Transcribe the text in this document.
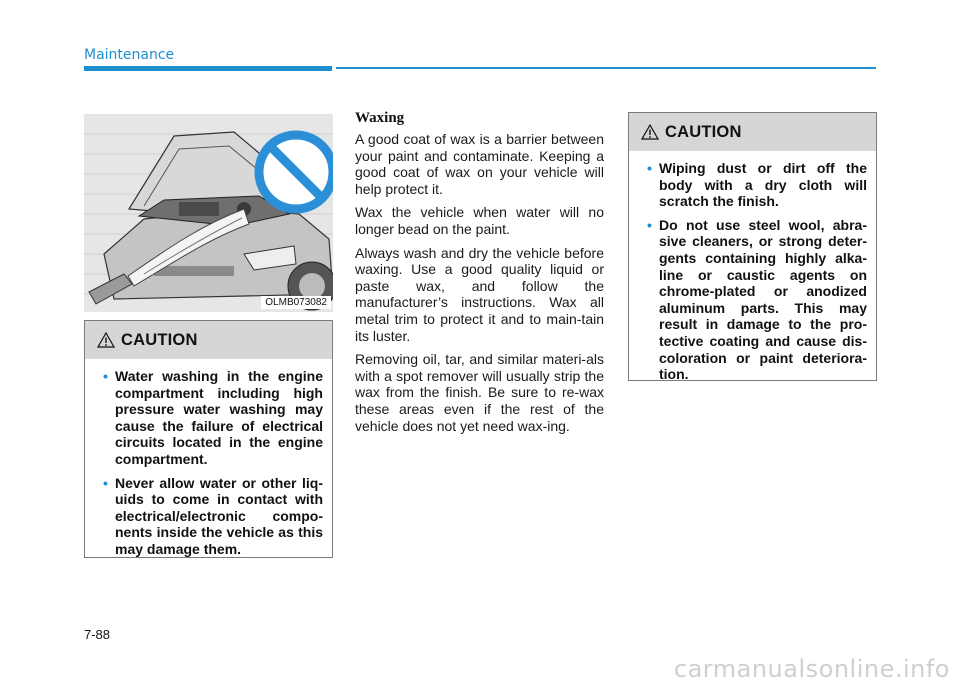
Maintenance
OLMB073082
CAUTION
• Water washing in the engine compartment including high pressure water washing may cause the failure of electrical circuits located in the engine compartment.
• Never allow water or other liq-uids to come in contact with electrical/electronic compo-nents inside the vehicle as this may damage them.
Waxing

A good coat of wax is a barrier between your paint and contaminate. Keeping a good coat of wax on your vehicle will help protect it.

Wax the vehicle when water will no longer bead on the paint.

Always wash and dry the vehicle before waxing. Use a good quality liquid or paste wax, and follow the manufacturer’s instructions. Wax all metal trim to protect it and to main-tain its luster.

Removing oil, tar, and similar materi-als with a spot remover will usually strip the wax from the finish. Be sure to re-wax these areas even if the rest of the vehicle does not yet need wax-ing.

CAUTION
• Wiping dust or dirt off the body with a dry cloth will scratch the finish.
• Do not use steel wool, abra-sive cleaners, or strong deter-gents containing highly alka-line or caustic agents on chrome-plated or anodized aluminum parts. This may result in damage to the pro-tective coating and cause dis-coloration or paint deteriora-tion.
7-88
carmanualsonline.info
